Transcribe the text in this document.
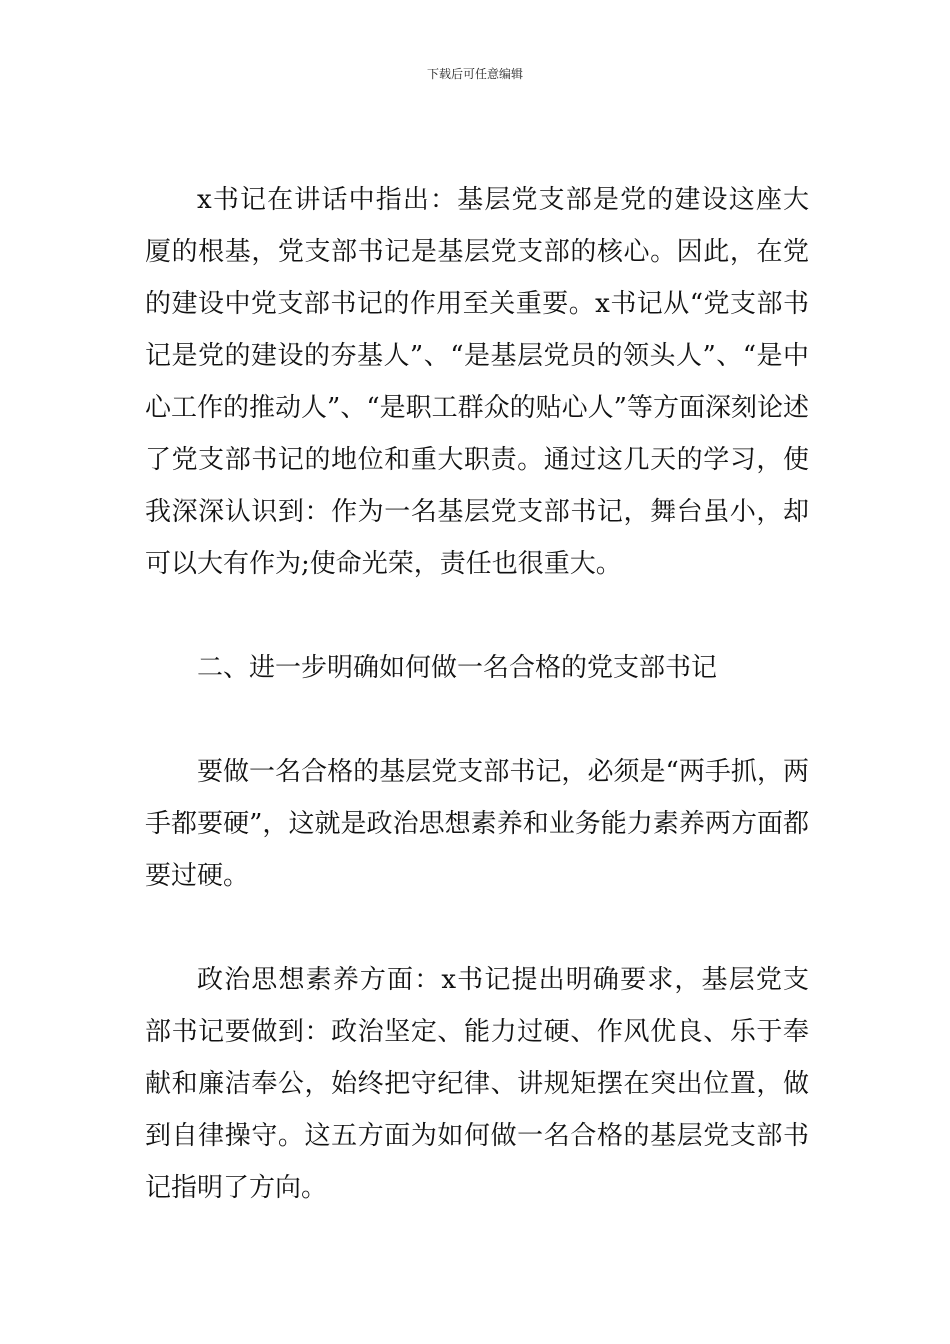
下载后可任意编辑

x书记在讲话中指出：基层党支部是党的建设这座大厦的根基，党支部书记是基层党支部的核心。因此，在党的建设中党支部书记的作用至关重要。x书记从“党支部书记是党的建设的夯基人”、“是基层党员的领头人”、“是中心工作的推动人”、“是职工群众的贴心人”等方面深刻论述了党支部书记的地位和重大职责。通过这几天的学习，使我深深认识到：作为一名基层党支部书记，舞台虽小，却可以大有作为;使命光荣，责任也很重大。

二、进一步明确如何做一名合格的党支部书记

要做一名合格的基层党支部书记，必须是“两手抓，两手都要硬”，这就是政治思想素养和业务能力素养两方面都要过硬。

政治思想素养方面：x书记提出明确要求，基层党支部书记要做到：政治坚定、能力过硬、作风优良、乐于奉献和廉洁奉公，始终把守纪律、讲规矩摆在突出位置，做到自律操守。这五方面为如何做一名合格的基层党支部书记指明了方向。
